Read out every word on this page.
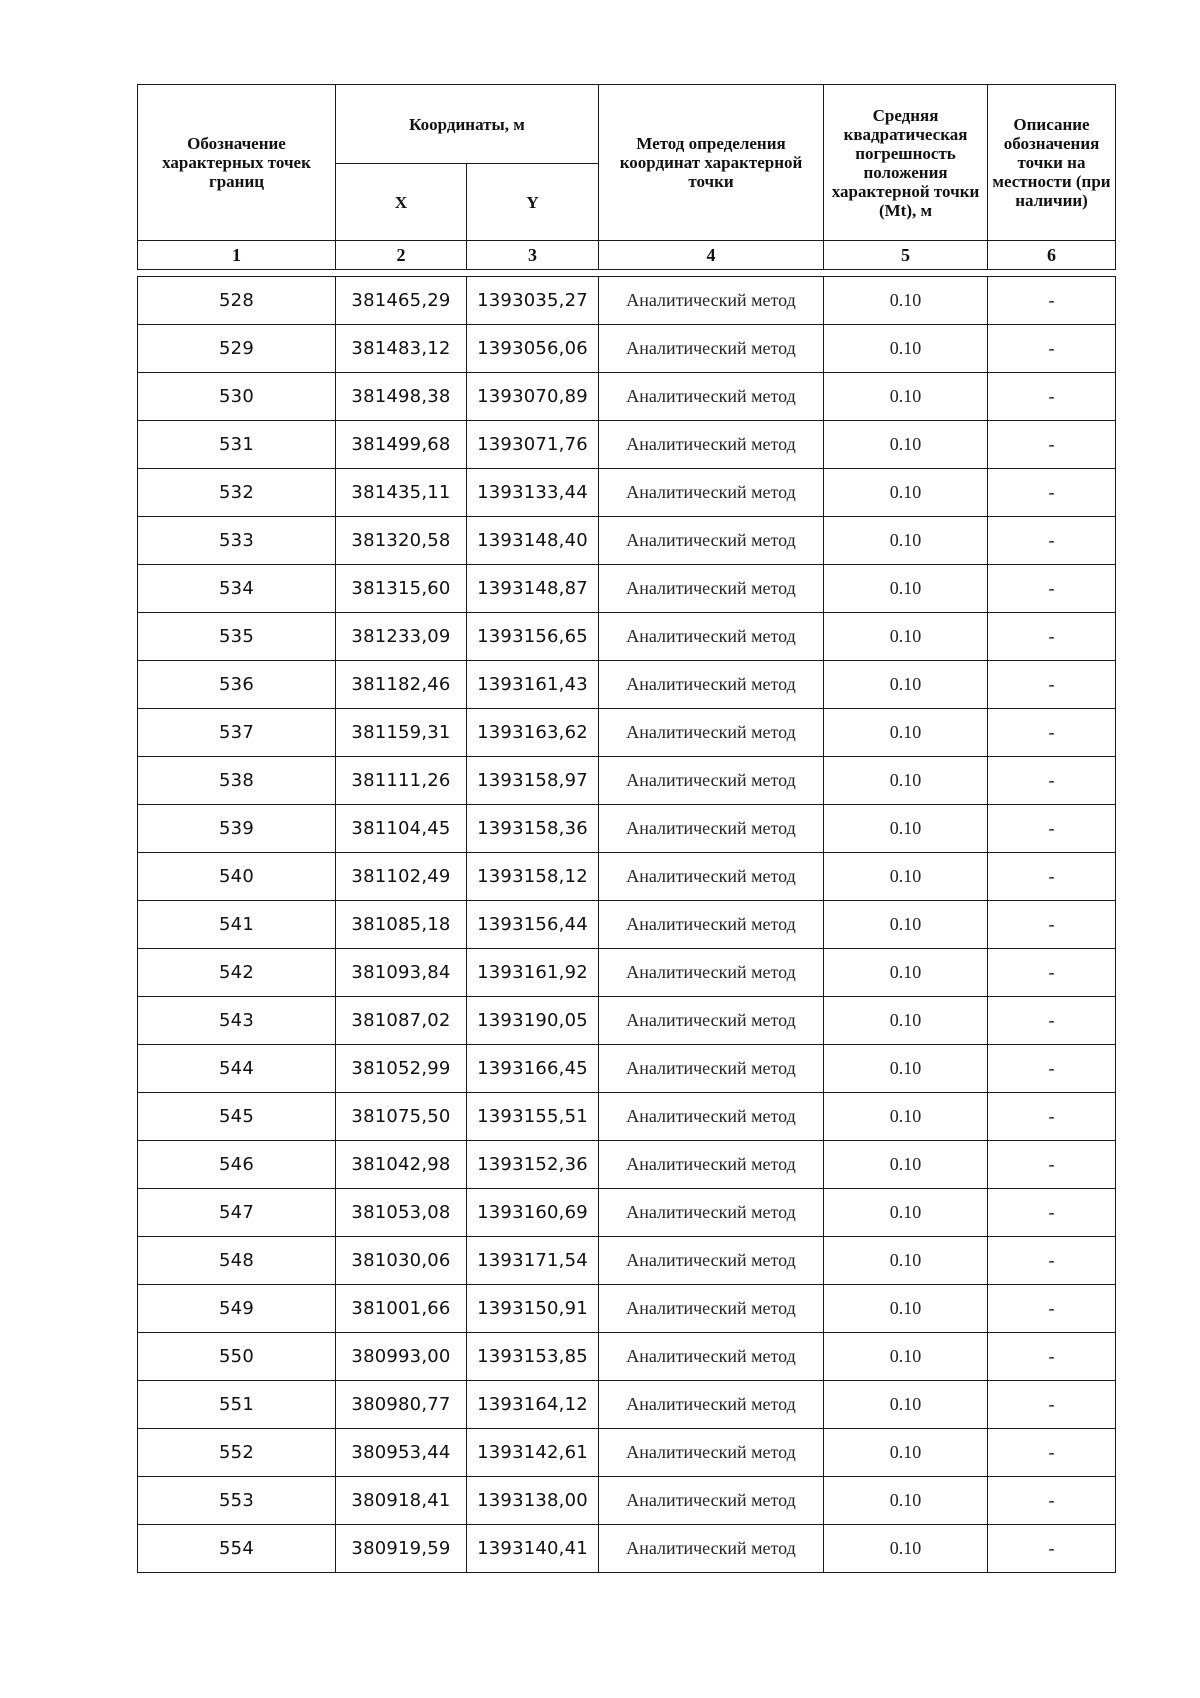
Обозначение характерных точек границ	Координаты, м		Метод определения координат характерной точки	Средняя квадратическая погрешность положения характерной точки (Mt), м	Описание обозначения точки на местности (при наличии)
	X	Y			
1	2	3	4	5	6

528	381465,29	1393035,27	Аналитический метод	0.10	-
529	381483,12	1393056,06	Аналитический метод	0.10	-
530	381498,38	1393070,89	Аналитический метод	0.10	-
531	381499,68	1393071,76	Аналитический метод	0.10	-
532	381435,11	1393133,44	Аналитический метод	0.10	-
533	381320,58	1393148,40	Аналитический метод	0.10	-
534	381315,60	1393148,87	Аналитический метод	0.10	-
535	381233,09	1393156,65	Аналитический метод	0.10	-
536	381182,46	1393161,43	Аналитический метод	0.10	-
537	381159,31	1393163,62	Аналитический метод	0.10	-
538	381111,26	1393158,97	Аналитический метод	0.10	-
539	381104,45	1393158,36	Аналитический метод	0.10	-
540	381102,49	1393158,12	Аналитический метод	0.10	-
541	381085,18	1393156,44	Аналитический метод	0.10	-
542	381093,84	1393161,92	Аналитический метод	0.10	-
543	381087,02	1393190,05	Аналитический метод	0.10	-
544	381052,99	1393166,45	Аналитический метод	0.10	-
545	381075,50	1393155,51	Аналитический метод	0.10	-
546	381042,98	1393152,36	Аналитический метод	0.10	-
547	381053,08	1393160,69	Аналитический метод	0.10	-
548	381030,06	1393171,54	Аналитический метод	0.10	-
549	381001,66	1393150,91	Аналитический метод	0.10	-
550	380993,00	1393153,85	Аналитический метод	0.10	-
551	380980,77	1393164,12	Аналитический метод	0.10	-
552	380953,44	1393142,61	Аналитический метод	0.10	-
553	380918,41	1393138,00	Аналитический метод	0.10	-
554	380919,59	1393140,41	Аналитический метод	0.10	-
